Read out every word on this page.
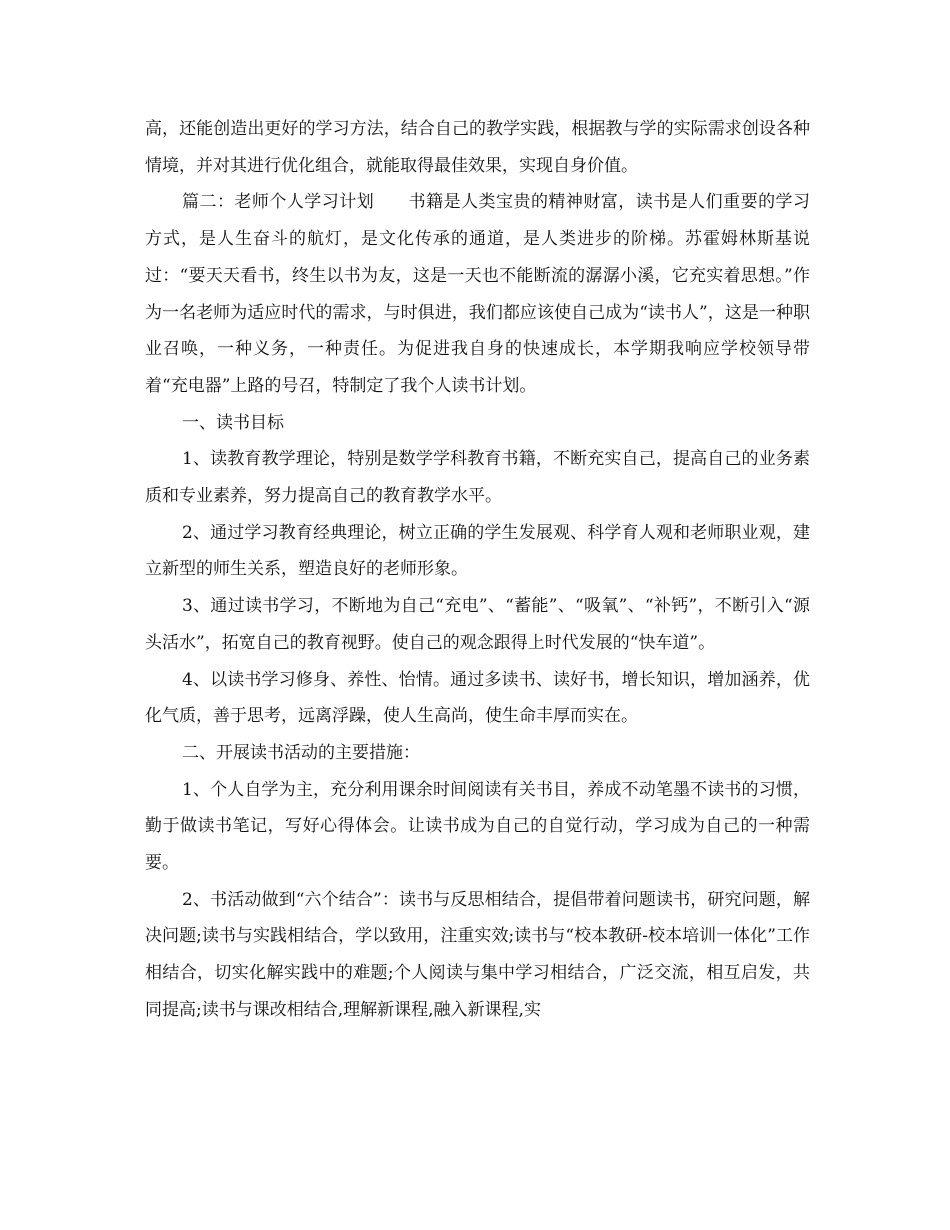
高，还能创造出更好的学习方法，结合自己的教学实践，根据教与学的实际需求创设各种情境，并对其进行优化组合，就能取得最佳效果，实现自身价值。

篇二：老师个人学习计划 书籍是人类宝贵的精神财富，读书是人们重要的学习方式，是人生奋斗的航灯，是文化传承的通道，是人类进步的阶梯。苏霍姆林斯基说过：“要天天看书，终生以书为友，这是一天也不能断流的潺潺小溪，它充实着思想。”作为一名老师为适应时代的需求，与时俱进，我们都应该使自己成为“读书人”，这是一种职业召唤，一种义务，一种责任。为促进我自身的快速成长，本学期我响应学校领导带着“充电器”上路的号召，特制定了我个人读书计划。

一、读书目标

1、读教育教学理论，特别是数学学科教育书籍，不断充实自己，提高自己的业务素质和专业素养，努力提高自己的教育教学水平。

2、通过学习教育经典理论，树立正确的学生发展观、科学育人观和老师职业观，建立新型的师生关系，塑造良好的老师形象。

3、通过读书学习，不断地为自己“充电”、“蓄能”、“吸氧”、“补钙”，不断引入“源头活水”，拓宽自己的教育视野。使自己的观念跟得上时代发展的“快车道”。

4、以读书学习修身、养性、怡情。通过多读书、读好书，增长知识，增加涵养，优化气质，善于思考，远离浮躁，使人生高尚，使生命丰厚而实在。

二、开展读书活动的主要措施：

1、个人自学为主，充分利用课余时间阅读有关书目，养成不动笔墨不读书的习惯，勤于做读书笔记，写好心得体会。让读书成为自己的自觉行动，学习成为自己的一种需要。

2、书活动做到“六个结合”：读书与反思相结合，提倡带着问题读书，研究问题，解决问题;读书与实践相结合，学以致用，注重实效;读书与“校本教研-校本培训一体化”工作相结合，切实化解实践中的难题;个人阅读与集中学习相结合，广泛交流，相互启发，共同提高;读书与课改相结合,理解新课程,融入新课程,实
